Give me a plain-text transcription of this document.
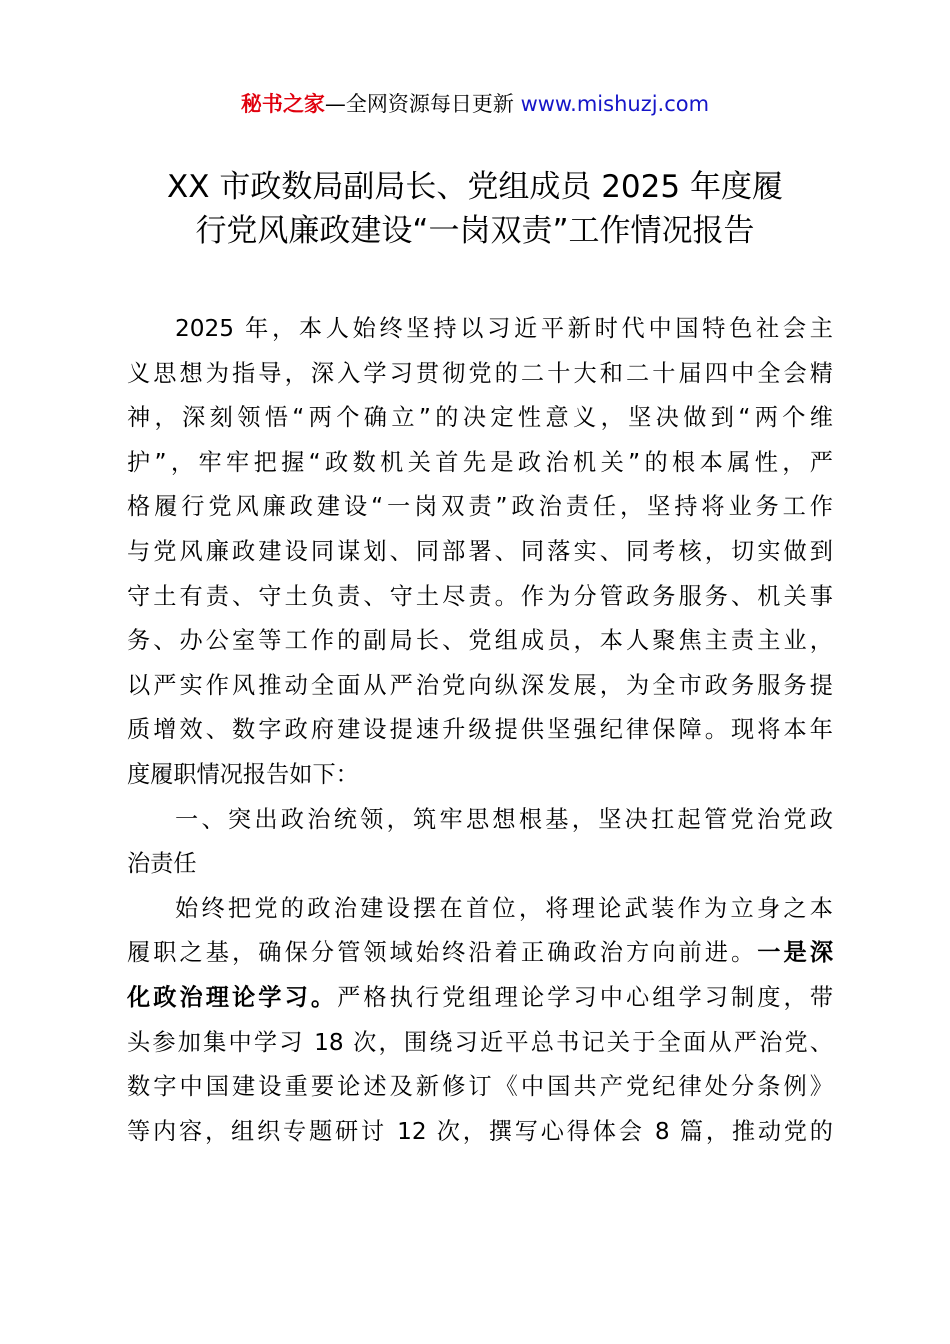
秘书之家—全网资源每日更新 www.mishuzj.com
XX 市政数局副局长、党组成员 2025 年度履
行党风廉政建设“一岗双责”工作情况报告
2025 年，本人始终坚持以习近平新时代中国特色社会主
义思想为指导，深入学习贯彻党的二十大和二十届四中全会精
神，深刻领悟“两个确立”的决定性意义，坚决做到“两个维
护”，牢牢把握“政数机关首先是政治机关”的根本属性，严
格履行党风廉政建设“一岗双责”政治责任，坚持将业务工作
与党风廉政建设同谋划、同部署、同落实、同考核，切实做到
守土有责、守土负责、守土尽责。作为分管政务服务、机关事
务、办公室等工作的副局长、党组成员，本人聚焦主责主业，
以严实作风推动全面从严治党向纵深发展，为全市政务服务提
质增效、数字政府建设提速升级提供坚强纪律保障。现将本年
度履职情况报告如下：
一、突出政治统领，筑牢思想根基，坚决扛起管党治党政
治责任
始终把党的政治建设摆在首位，将理论武装作为立身之本
履职之基，确保分管领域始终沿着正确政治方向前进。一是深
化政治理论学习。严格执行党组理论学习中心组学习制度，带
头参加集中学习 18 次，围绕习近平总书记关于全面从严治党、
数字中国建设重要论述及新修订《中国共产党纪律处分条例》
等内容，组织专题研讨 12 次，撰写心得体会 8 篇，推动党的
